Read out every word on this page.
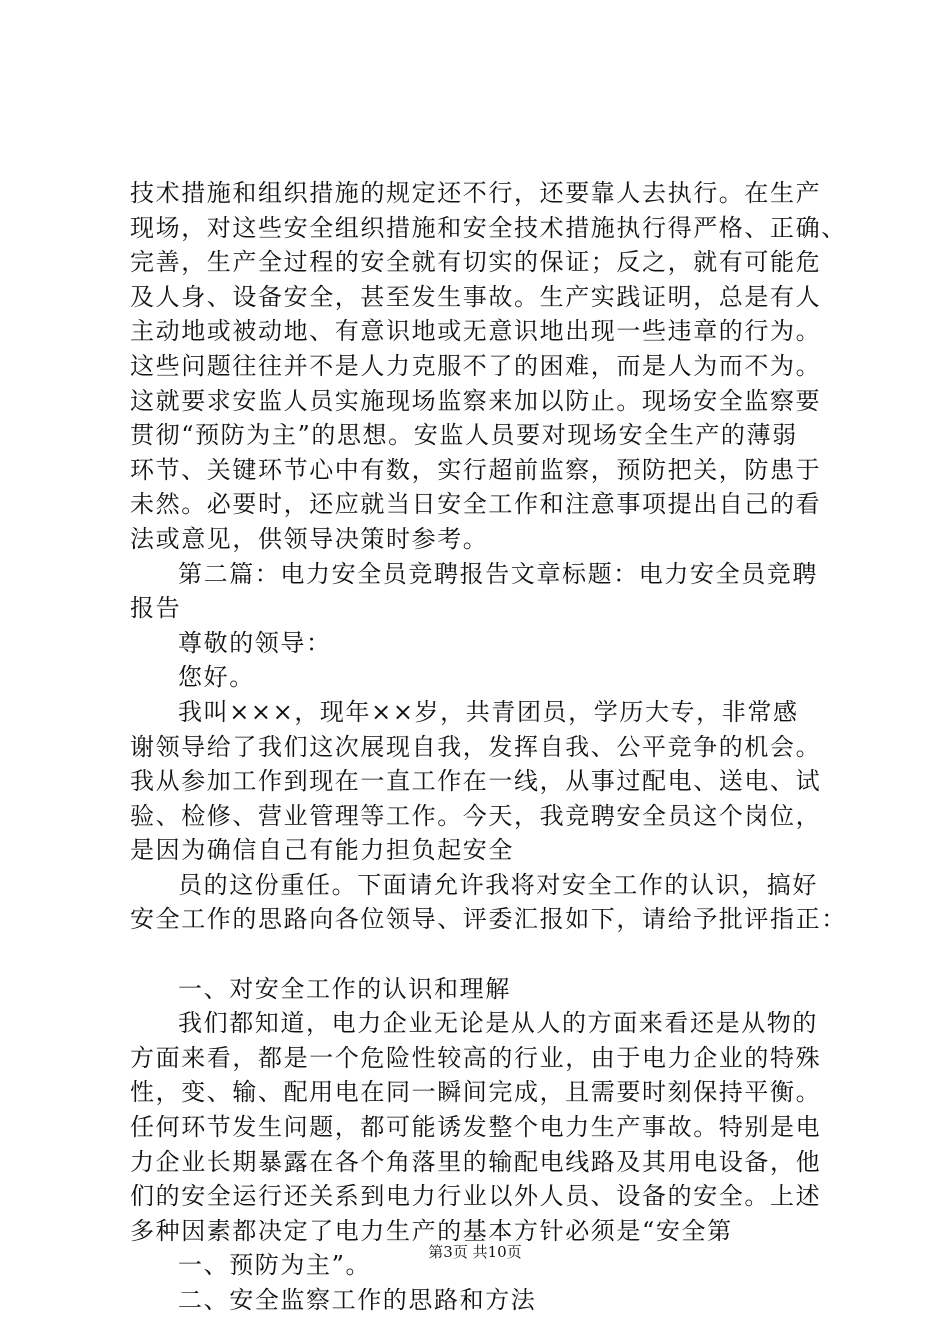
技术措施和组织措施的规定还不行，还要靠人去执行。在生产
现场，对这些安全组织措施和安全技术措施执行得严格、正确、
完善，生产全过程的安全就有切实的保证；反之，就有可能危
及人身、设备安全，甚至发生事故。生产实践证明，总是有人
主动地或被动地、有意识地或无意识地出现一些违章的行为。
这些问题往往并不是人力克服不了的困难，而是人为而不为。
这就要求安监人员实施现场监察来加以防止。现场安全监察要
贯彻“预防为主”的思想。安监人员要对现场安全生产的薄弱
环节、关键环节心中有数，实行超前监察，预防把关，防患于
未然。必要时，还应就当日安全工作和注意事项提出自己的看
法或意见，供领导决策时参考。
第二篇：电力安全员竞聘报告文章标题：电力安全员竞聘
报告
尊敬的领导：
您好。
我叫×××，现年××岁，共青团员，学历大专，非常感
谢领导给了我们这次展现自我，发挥自我、公平竞争的机会。
我从参加工作到现在一直工作在一线，从事过配电、送电、试
验、检修、营业管理等工作。今天，我竞聘安全员这个岗位，
是因为确信自己有能力担负起安全
员的这份重任。下面请允许我将对安全工作的认识，搞好
安全工作的思路向各位领导、评委汇报如下，请给予批评指正：
一、对安全工作的认识和理解
我们都知道，电力企业无论是从人的方面来看还是从物的
方面来看，都是一个危险性较高的行业，由于电力企业的特殊
性，变、输、配用电在同一瞬间完成，且需要时刻保持平衡。
任何环节发生问题，都可能诱发整个电力生产事故。特别是电
力企业长期暴露在各个角落里的输配电线路及其用电设备，他
们的安全运行还关系到电力行业以外人员、设备的安全。上述
多种因素都决定了电力生产的基本方针必须是“安全第
一、预防为主”。
二、安全监察工作的思路和方法
第3页 共10页
